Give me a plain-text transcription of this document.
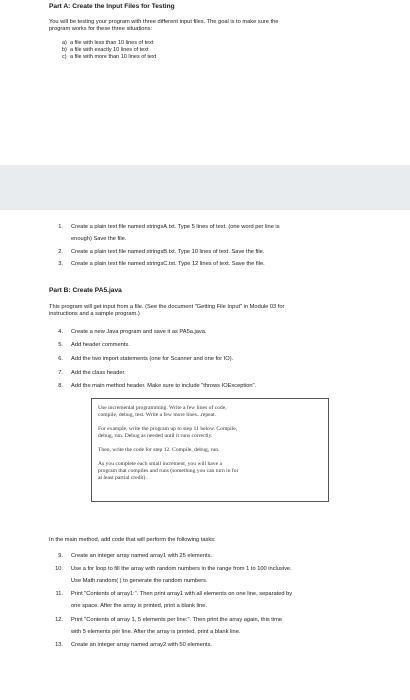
Part A: Create the Input Files for Testing
You will be testing your program with three different input files. The goal is to make sure the
program works for these three situations:
a) a file with less than 10 lines of text
b) a file with exactly 10 lines of text
c) a file with more than 10 lines of text
1. Create a plain text file named stringsA.txt. Type 5 lines of text. (one word per line is
enough) Save the file.
2. Create a plain text file named stringsB.txt. Type 10 lines of text. Save the file.
3. Create a plain text file named stringsC.txt. Type 12 lines of text. Save the file.
Part B: Create PA5.java
This program will get input from a file. (See the document "Getting File Input" in Module 03 for
instructions and a sample program.)
4. Create a new Java program and save it as PA5a.java.
5. Add header comments.
6. Add the two import statements (one for Scanner and one for IO).
7. Add the class header.
8. Add the main method header. Make sure to include "throws IOException".
Use incremental programming. Write a few lines of code,
compile, debug, test. Write a few more lines...repeat.
For example, write the program up to step 11 below. Compile,
debug, run. Debug as needed until it runs correctly.
Then, write the code for step 12. Compile, debug, run.
As you complete each small increment, you will have a
program that compiles and runs (something you can turn in for
at least partial credit).
In the main method, add code that will perform the following tasks:
9. Create an integer array named array1 with 25 elements.
10. Use a for loop to fill the array with random numbers in the range from 1 to 100 inclusive.
Use Math.random( ) to generate the random numbers.
11. Print "Contents of array1:". Then print array1 with all elements on one line, separated by
one space. After the array is printed, print a blank line.
12. Print "Contents of array 1, 5 elements per line:". Then print the array again, this time
with 5 elements per line. After the array is printed, print a blank line.
13. Create an integer array named array2 with 50 elements.
